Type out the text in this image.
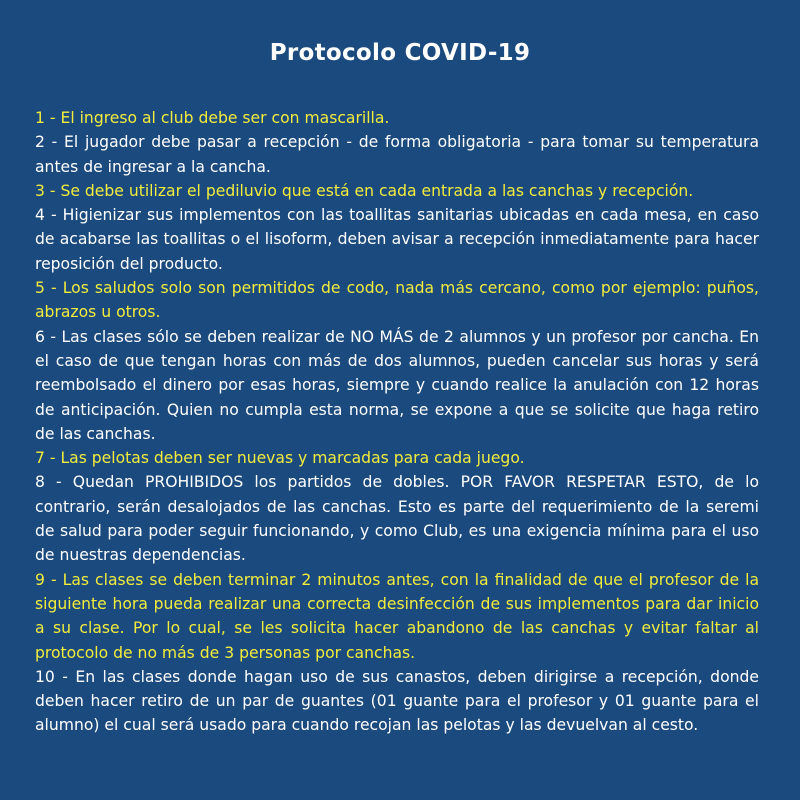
Protocolo COVID-19
1 - El ingreso al club debe ser con mascarilla.
2 - El jugador debe pasar a recepción - de forma obligatoria - para tomar su temperatura antes de ingresar a la cancha.
3 - Se debe utilizar el pediluvio que está en cada entrada a las canchas y recepción.
4 - Higienizar sus implementos con las toallitas sanitarias ubicadas en cada mesa, en caso de acabarse las toallitas o el lisoform, deben avisar a recepción inmediatamente para hacer reposición del producto.
5 - Los saludos solo son permitidos de codo, nada más cercano, como por ejemplo: puños, abrazos u otros.
6 - Las clases sólo se deben realizar de NO MÁS de 2 alumnos y un profesor por cancha. En el caso de que tengan horas con más de dos alumnos, pueden cancelar sus horas y será reembolsado el dinero por esas horas, siempre y cuando realice la anulación con 12 horas de anticipación. Quien no cumpla esta norma, se expone a que se solicite que haga retiro de las canchas.
7 - Las pelotas deben ser nuevas y marcadas para cada juego.
8 - Quedan PROHIBIDOS los partidos de dobles. POR FAVOR RESPETAR ESTO, de lo contrario, serán desalojados de las canchas. Esto es parte del requerimiento de la seremi de salud para poder seguir funcionando, y como Club, es una exigencia mínima para el uso de nuestras dependencias.
9 - Las clases se deben terminar 2 minutos antes, con la finalidad de que el profesor de la siguiente hora pueda realizar una correcta desinfección de sus implementos para dar inicio a su clase. Por lo cual, se les solicita hacer abandono de las canchas y evitar faltar al protocolo de no más de 3 personas por canchas.
10 - En las clases donde hagan uso de sus canastos, deben dirigirse a recepción, donde deben hacer retiro de un par de guantes (01 guante para el profesor y 01 guante para el alumno) el cual será usado para cuando recojan las pelotas y las devuelvan al cesto.
